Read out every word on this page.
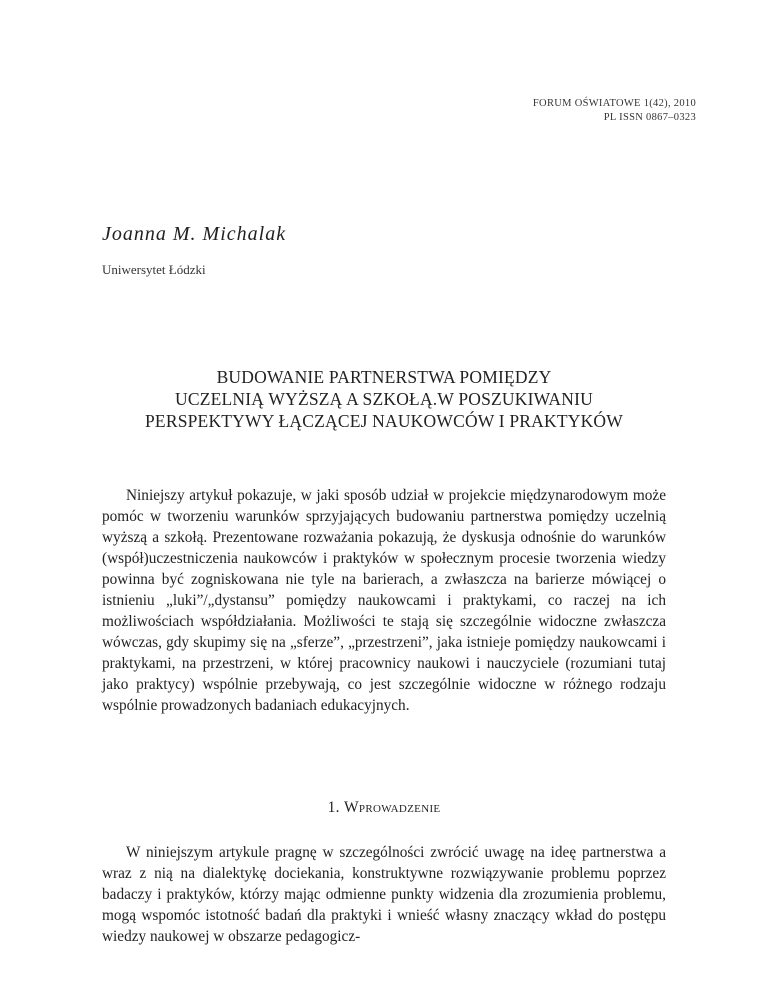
FORUM OŚWIATOWE 1(42), 2010
PL ISSN 0867–0323
Joanna M. Michalak
Uniwersytet Łódzki
BUDOWANIE PARTNERSTWA POMIĘDZY
UCZELNIĄ WYŻSZĄ A SZKOŁĄ.W POSZUKIWANIU
PERSPEKTYWY ŁĄCZĄCEJ NAUKOWCÓW I PRAKTYKÓW

Niniejszy artykuł pokazuje, w jaki sposób udział w projekcie międzynarodowym może pomóc w tworzeniu warunków sprzyjających budowaniu partnerstwa pomiędzy uczelnią wyższą a szkołą. Prezentowane rozważania pokazują, że dyskusja odnośnie do warunków (współ)uczestniczenia naukowców i praktyków w społecznym procesie tworzenia wiedzy powinna być zogniskowana nie tyle na barierach, a zwłaszcza na barierze mówiącej o istnieniu „luki”/„dystansu” pomiędzy naukowcami i praktykami, co raczej na ich możliwościach współdziałania. Możliwości te stają się szczególnie widoczne zwłaszcza wówczas, gdy skupimy się na „sferze”, „przestrzeni”, jaka istnieje pomiędzy naukowcami i praktykami, na przestrzeni, w której pracownicy naukowi i nauczyciele (rozumiani tutaj jako praktycy) wspólnie przebywają, co jest szczególnie widoczne w różnego rodzaju wspólnie prowadzonych badaniach edukacyjnych.

1. Wprowadzenie

W niniejszym artykule pragnę w szczególności zwrócić uwagę na ideę partnerstwa a wraz z nią na dialektykę dociekania, konstruktywne rozwiązywanie problemu poprzez badaczy i praktyków, którzy mając odmienne punkty widzenia dla zrozumienia problemu, mogą wspomóc istotność badań dla praktyki i wnieść własny znaczący wkład do postępu wiedzy naukowej w obszarze pedagogicz-
